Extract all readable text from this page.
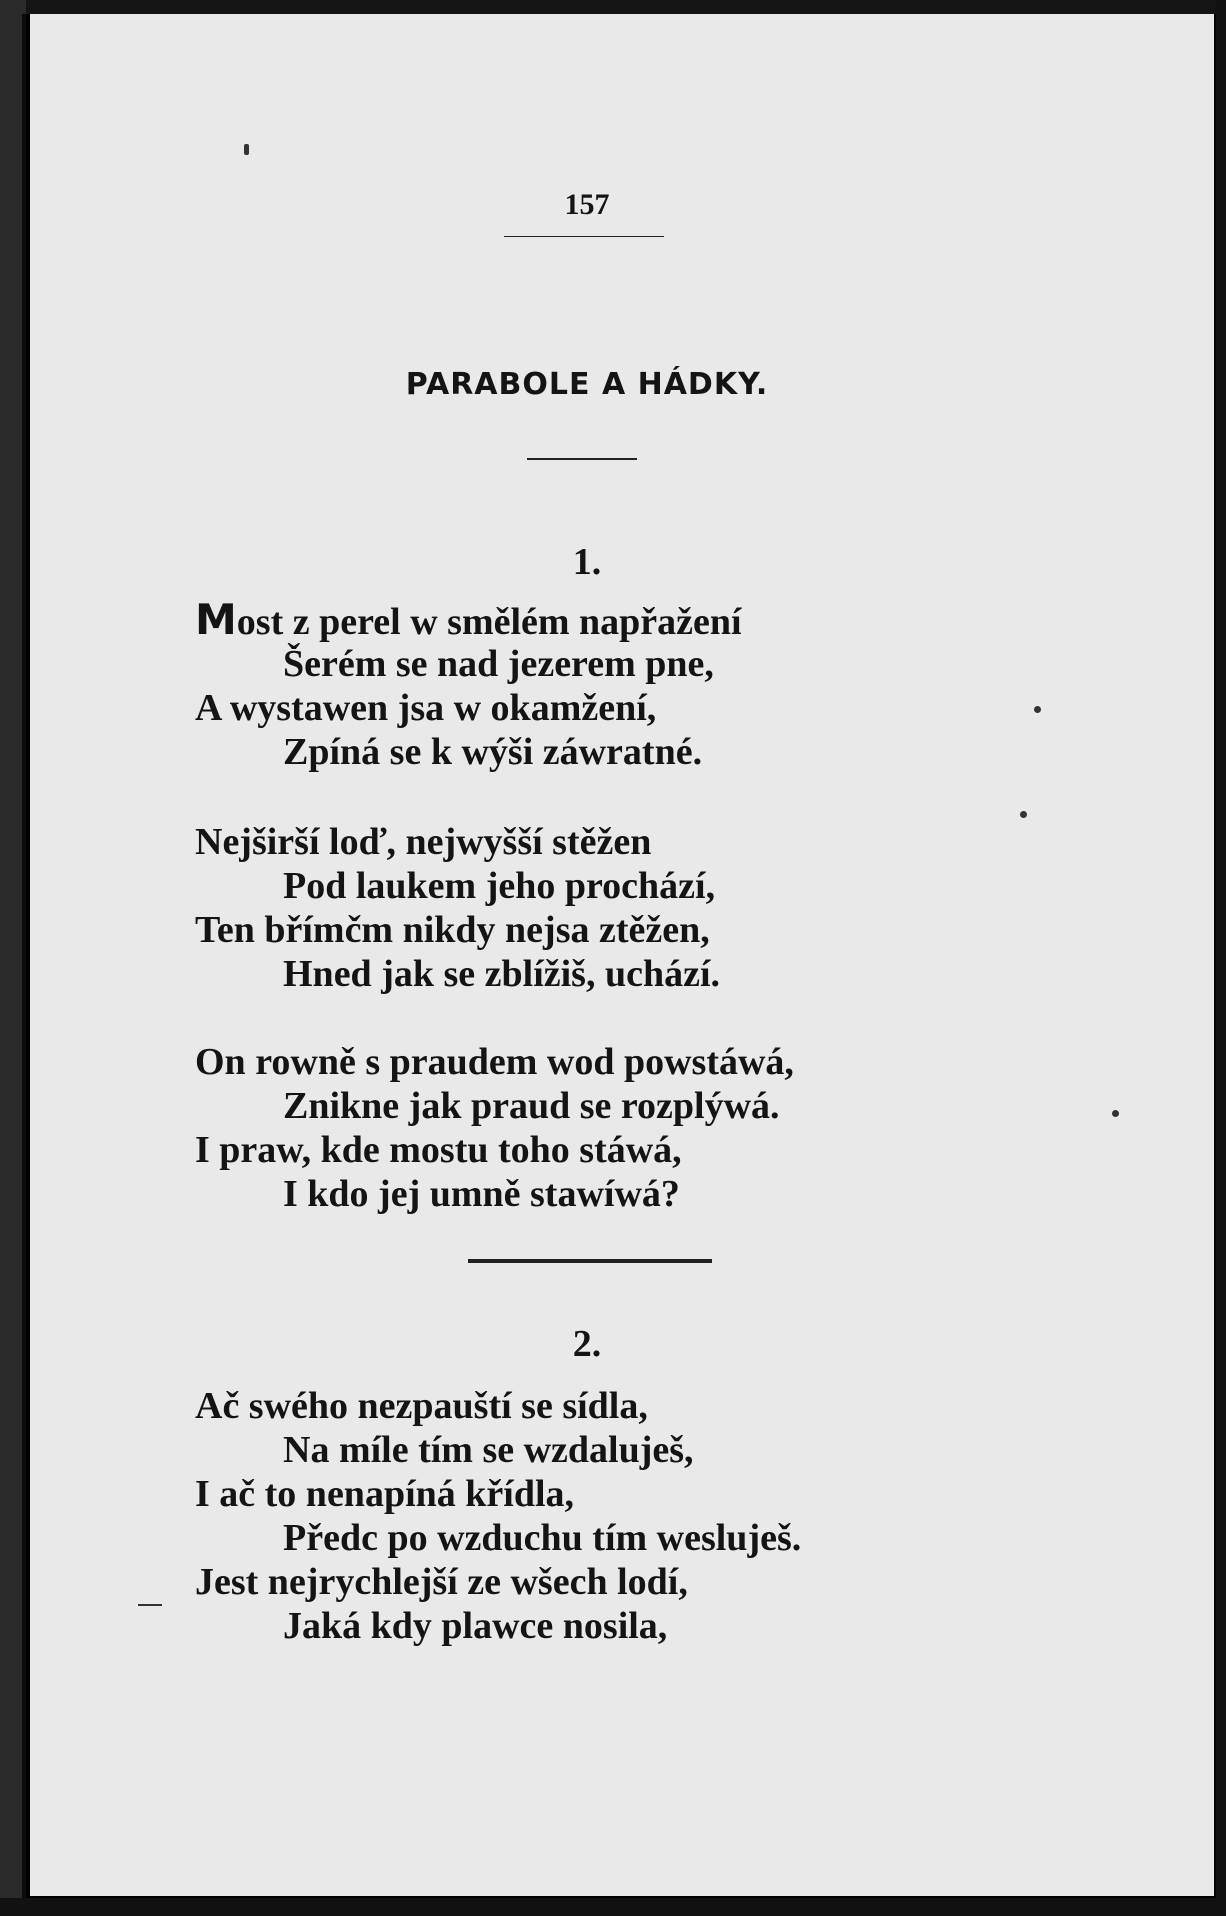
157
PARABOLE A HÁDKY.
1.
Most z perel w smělém napřažení
Šerém se nad jezerem pne,
A wystawen jsa w okamžení,
Zpíná se k wýši záwratné.
Nejširší loď, nejwyšší stěžen
Pod laukem jeho prochází,
Ten břímčm nikdy nejsa ztěžen,
Hned jak se zblížiš, uchází.
On rowně s praudem wod powstáwá,
Znikne jak praud se rozplýwá.
I praw, kde mostu toho stáwá,
I kdo jej umně stawíwá?
2.
Ač swého nezpauští se sídla,
Na míle tím se wzdaluješ,
I ač to nenapíná křídla,
Předc po wzduchu tím wesluješ.
Jest nejrychlejší ze wšech lodí,
Jaká kdy plawce nosila,
